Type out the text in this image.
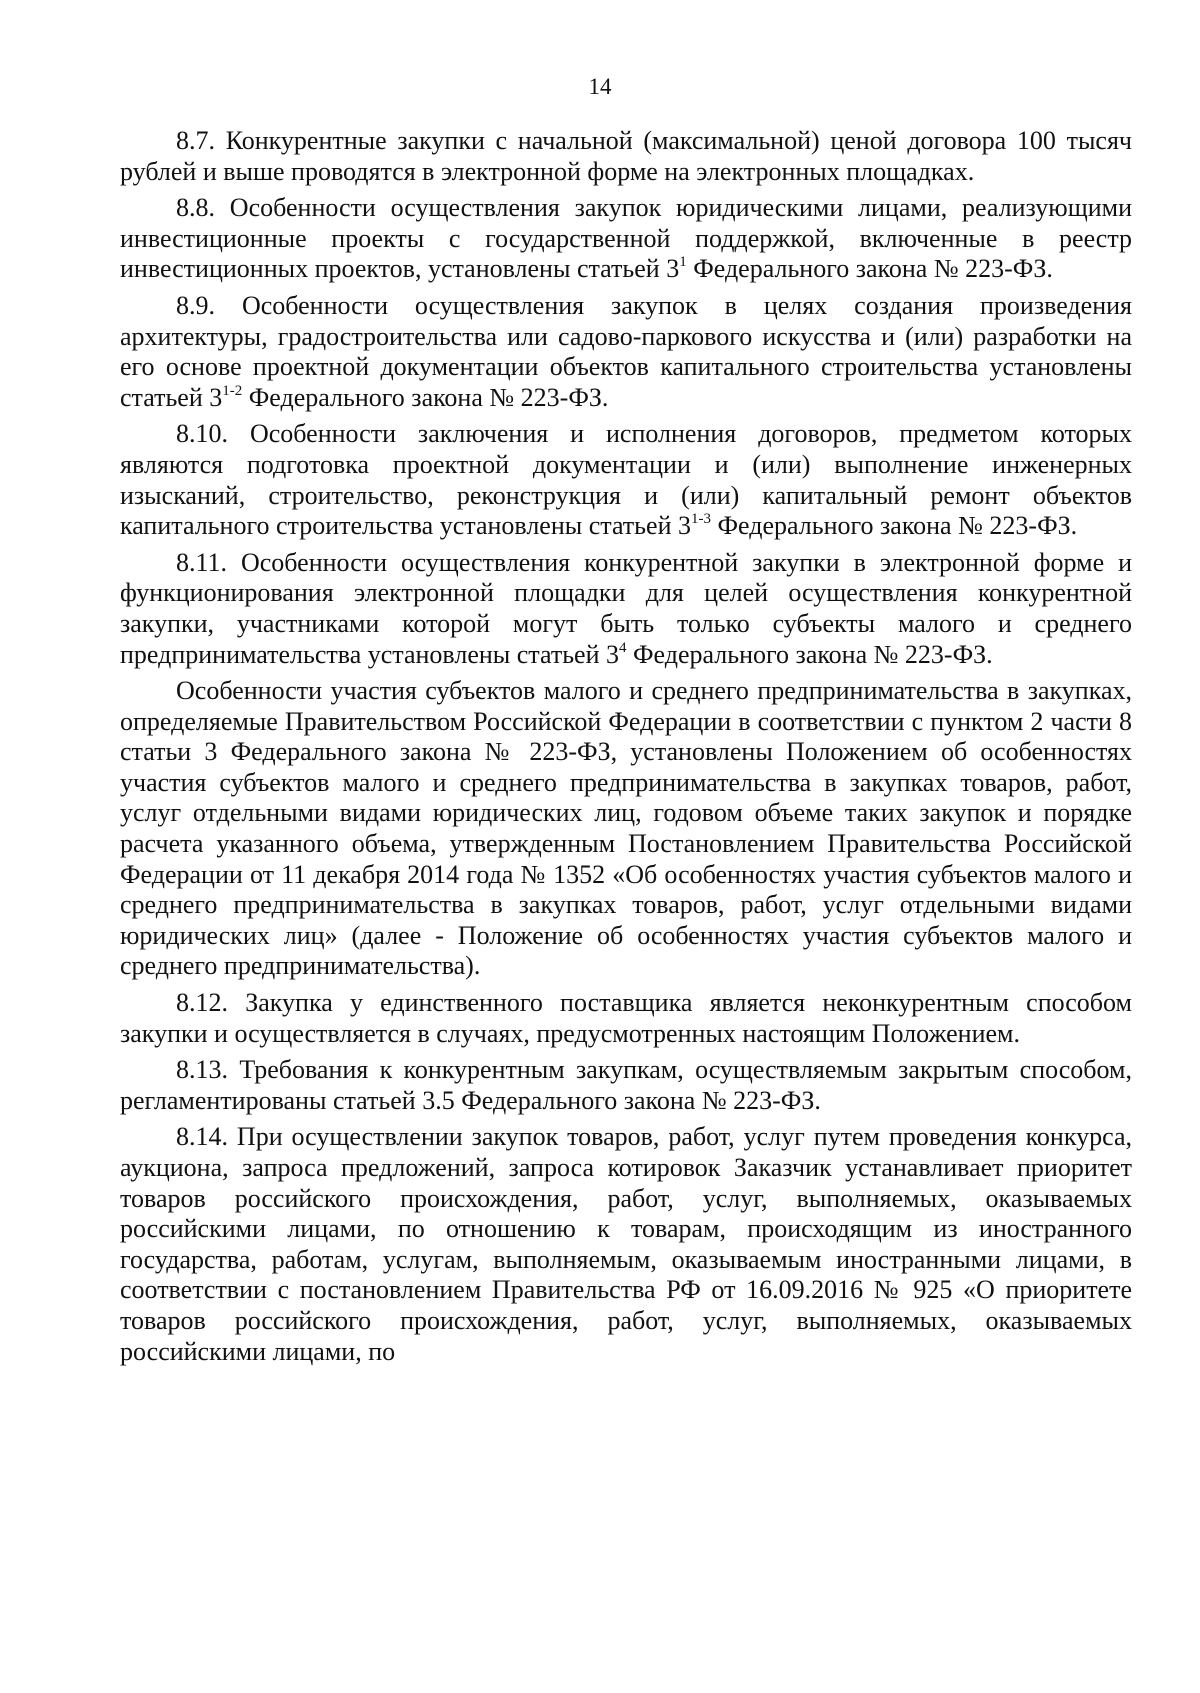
14

8.7. Конкурентные закупки с начальной (максимальной) ценой договора 100 тысяч рублей и выше проводятся в электронной форме на электронных площадках.

8.8. Особенности осуществления закупок юридическими лицами, реализующими инвестиционные проекты с государственной поддержкой, включенные в реестр инвестиционных проектов, установлены статьей $3^1$ Федерального закона № 223-ФЗ.

8.9. Особенности осуществления закупок в целях создания произведения архитектуры, градостроительства или садово-паркового искусства и (или) разработки на его основе проектной документации объектов капитального строительства установлены статьей 3$^{1-2}$ Федерального закона № 223-ФЗ.

8.10. Особенности заключения и исполнения договоров, предметом которых являются подготовка проектной документации и (или) выполнение инженерных изысканий, строительство, реконструкция и (или) капитальный ремонт объектов капитального строительства установлены статьей 3$^{1-3}$ Федерального закона № 223-ФЗ.

8.11. Особенности осуществления конкурентной закупки в электронной форме и функционирования электронной площадки для целей осуществления конкурентной закупки, участниками которой могут быть только субъекты малого и среднего предпринимательства установлены статьей $3^4$ Федерального закона № 223-ФЗ.

Особенности участия субъектов малого и среднего предпринимательства в закупках, определяемые Правительством Российской Федерации в соответствии с пунктом 2 части 8 статьи 3 Федерального закона № 223-ФЗ, установлены Положением об особенностях участия субъектов малого и среднего предпринимательства в закупках товаров, работ, услуг отдельными видами юридических лиц, годовом объеме таких закупок и порядке расчета указанного объема, утвержденным Постановлением Правительства Российской Федерации от 11 декабря 2014 года № 1352 «Об особенностях участия субъектов малого и среднего предпринимательства в закупках товаров, работ, услуг отдельными видами юридических лиц» (далее - Положение об особенностях участия субъектов малого и среднего предпринимательства).

8.12. Закупка у единственного поставщика является неконкурентным способом закупки и осуществляется в случаях, предусмотренных настоящим Положением.

8.13. Требования к конкурентным закупкам, осуществляемым закрытым способом, регламентированы статьей 3.5 Федерального закона № 223-ФЗ.

8.14. При осуществлении закупок товаров, работ, услуг путем проведения конкурса, аукциона, запроса предложений, запроса котировок Заказчик устанавливает приоритет товаров российского происхождения, работ, услуг, выполняемых, оказываемых российскими лицами, по отношению к товарам, происходящим из иностранного государства, работам, услугам, выполняемым, оказываемым иностранными лицами, в соответствии с постановлением Правительства РФ от 16.09.2016 № 925 «О приоритете товаров российского происхождения, работ, услуг, выполняемых, оказываемых российскими лицами, по
